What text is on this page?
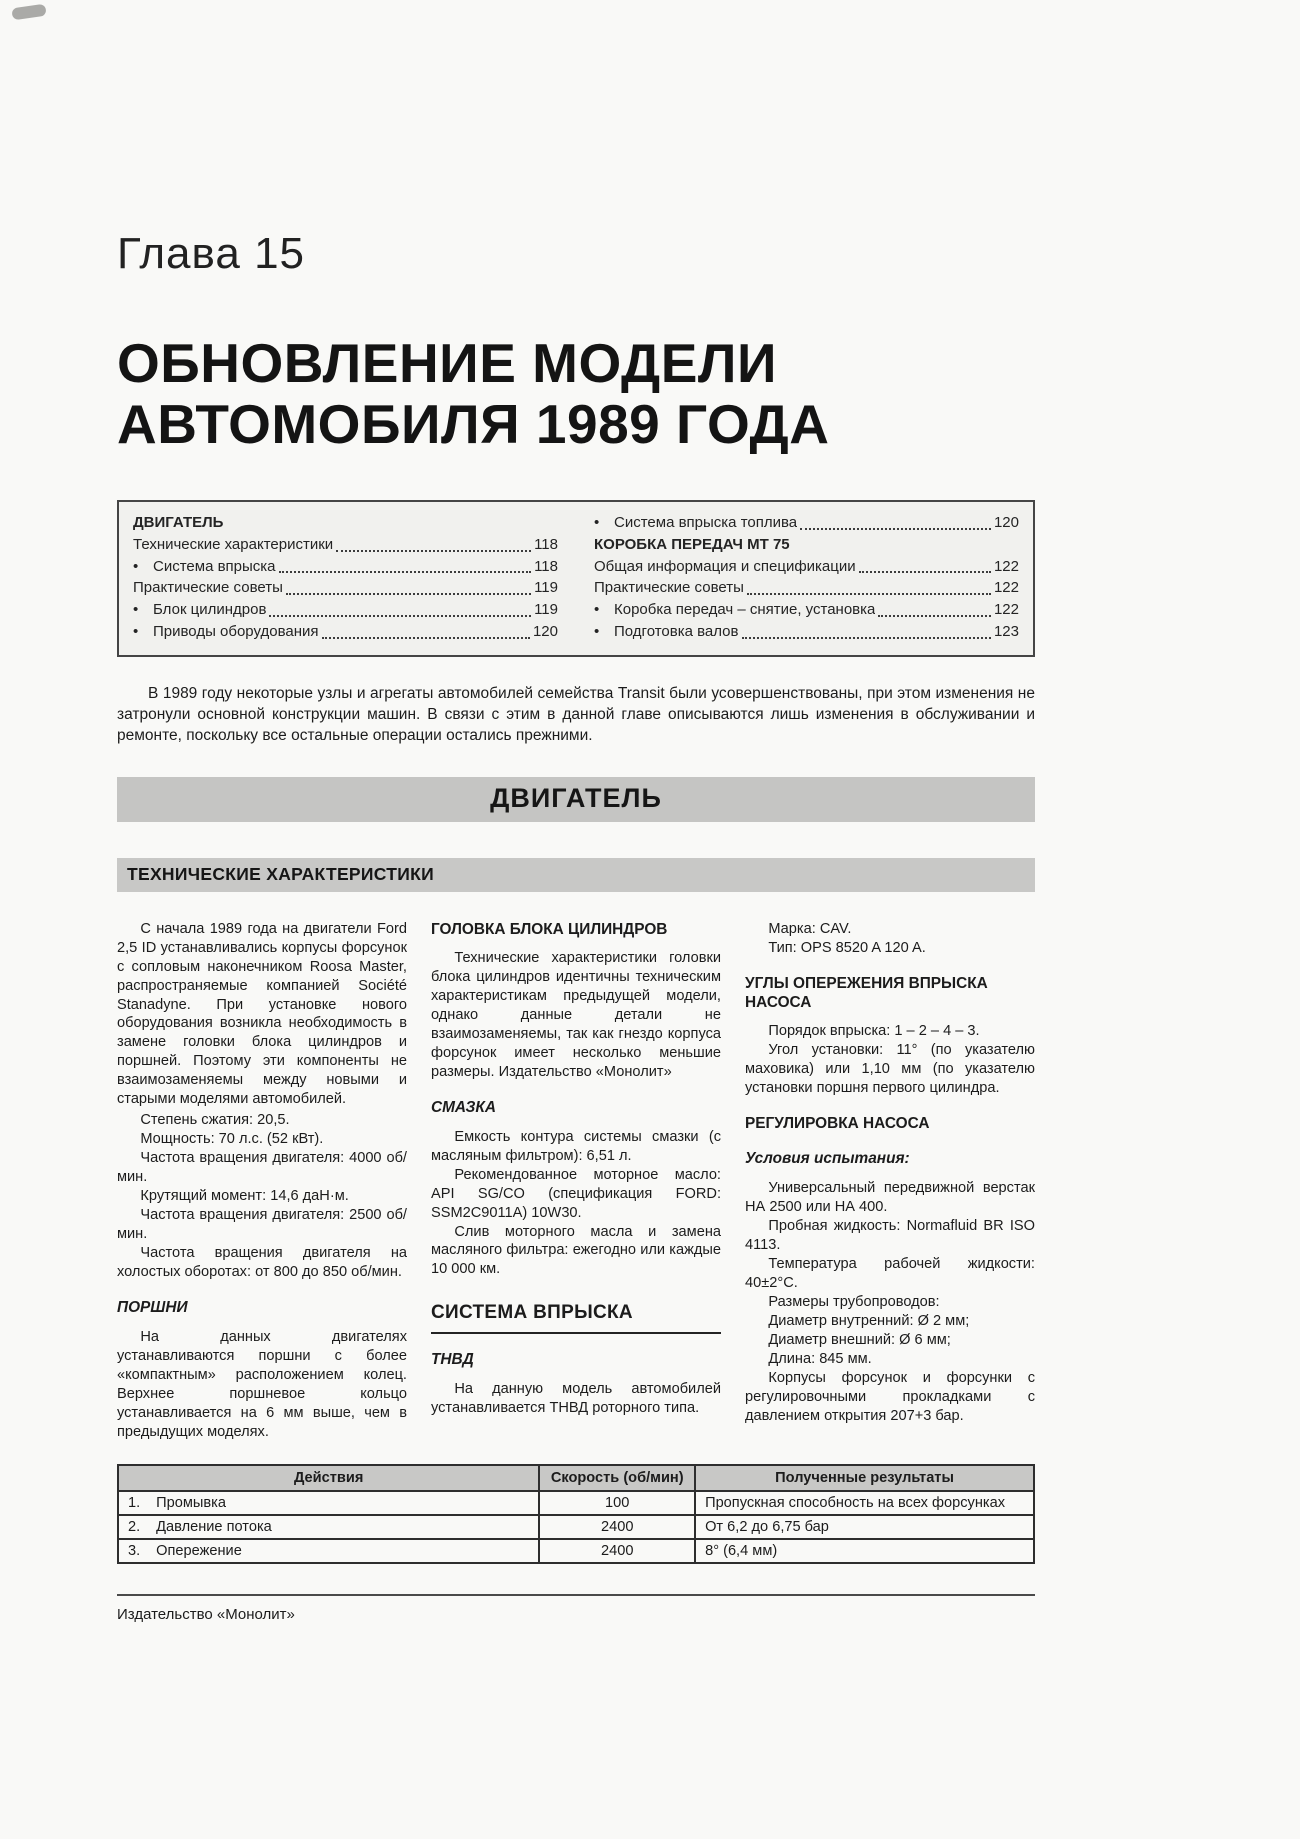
Глава 15
ОБНОВЛЕНИЕ МОДЕЛИ
АВТОМОБИЛЯ 1989 ГОДА
ДВИГАТЕЛЬ
Технические характеристики	118
• Система впрыска	118
Практические советы	119
• Блок цилиндров	119
• Приводы оборудования	120
• Система впрыска топлива	120
КОРОБКА ПЕРЕДАЧ МТ 75
Общая информация и спецификации	122
Практические советы	122
• Коробка передач – снятие, установка	122
• Подготовка валов	123

В 1989 году некоторые узлы и агрегаты автомобилей семейства Transit были усовершенствованы, при этом изменения не затронули основной конструкции машин. В связи с этим в данной главе описываются лишь изменения в обслуживании и ремонте, поскольку все остальные операции остались прежними.

ДВИГАТЕЛЬ
ТЕХНИЧЕСКИЕ ХАРАКТЕРИСТИКИ

С начала 1989 года на двигатели Ford 2,5 ID устанавливались корпусы форсунок с сопловым наконечником Roosa Master, распространяемые компанией Société Stanadyne. При установке нового оборудования возникла необходимость в замене головки блока цилиндров и поршней. Поэтому эти компоненты не взаимозаменяемы между новыми и старыми моделями автомобилей.

Степень сжатия: 20,5.

Мощность: 70 л.с. (52 кВт).

Частота вращения двигателя: 4000 об/мин.

Крутящий момент: 14,6 даН·м.

Частота вращения двигателя: 2500 об/мин.

Частота вращения двигателя на холостых оборотах: от 800 до 850 об/мин.

ПОРШНИ

На данных двигателях устанавливаются поршни с более «компактным» расположением колец. Верхнее поршневое кольцо устанавливается на 6 мм выше, чем в предыдущих моделях.

ГОЛОВКА БЛОКА ЦИЛИНДРОВ

Технические характеристики головки блока цилиндров идентичны техническим характеристикам предыдущей модели, однако данные детали не взаимозаменяемы, так как гнездо корпуса форсунок имеет несколько меньшие размеры. Издательство «Монолит»

СМАЗКА

Емкость контура системы смазки (с масляным фильтром): 6,51 л.

Рекомендованное моторное масло: API SG/CO (спецификация FORD: SSM2C9011A) 10W30.

Слив моторного масла и замена масляного фильтра: ежегодно или каждые 10 000 км.

СИСТЕМА ВПРЫСКА
ТНВД

На данную модель автомобилей устанавливается ТНВД роторного типа.

Марка: CAV.

Тип: OPS 8520 A 120 A.

УГЛЫ ОПЕРЕЖЕНИЯ ВПРЫСКА НАСОСА

Порядок впрыска: 1 – 2 – 4 – 3.

Угол установки: 11° (по указателю маховика) или 1,10 мм (по указателю установки поршня первого цилиндра.

РЕГУЛИРОВКА НАСОСА
Условия испытания:

Универсальный передвижной верстак НА 2500 или НА 400.

Пробная жидкость: Normafluid BR ISO 4113.

Температура рабочей жидкости: 40±2°C.

Размеры трубопроводов:

Диаметр внутренний: Ø 2 мм;

Диаметр внешний: Ø 6 мм;

Длина: 845 мм.

Корпусы форсунок и форсунки с регулировочными прокладками с давлением открытия 207+3 бар.

Действия	Скорость (об/мин)	Полученные результаты
1. Промывка	100	Пропускная способность на всех форсунках
2. Давление потока	2400	От 6,2 до 6,75 бар
3. Опережение	2400	8° (6,4 мм)
Издательство «Монолит»
